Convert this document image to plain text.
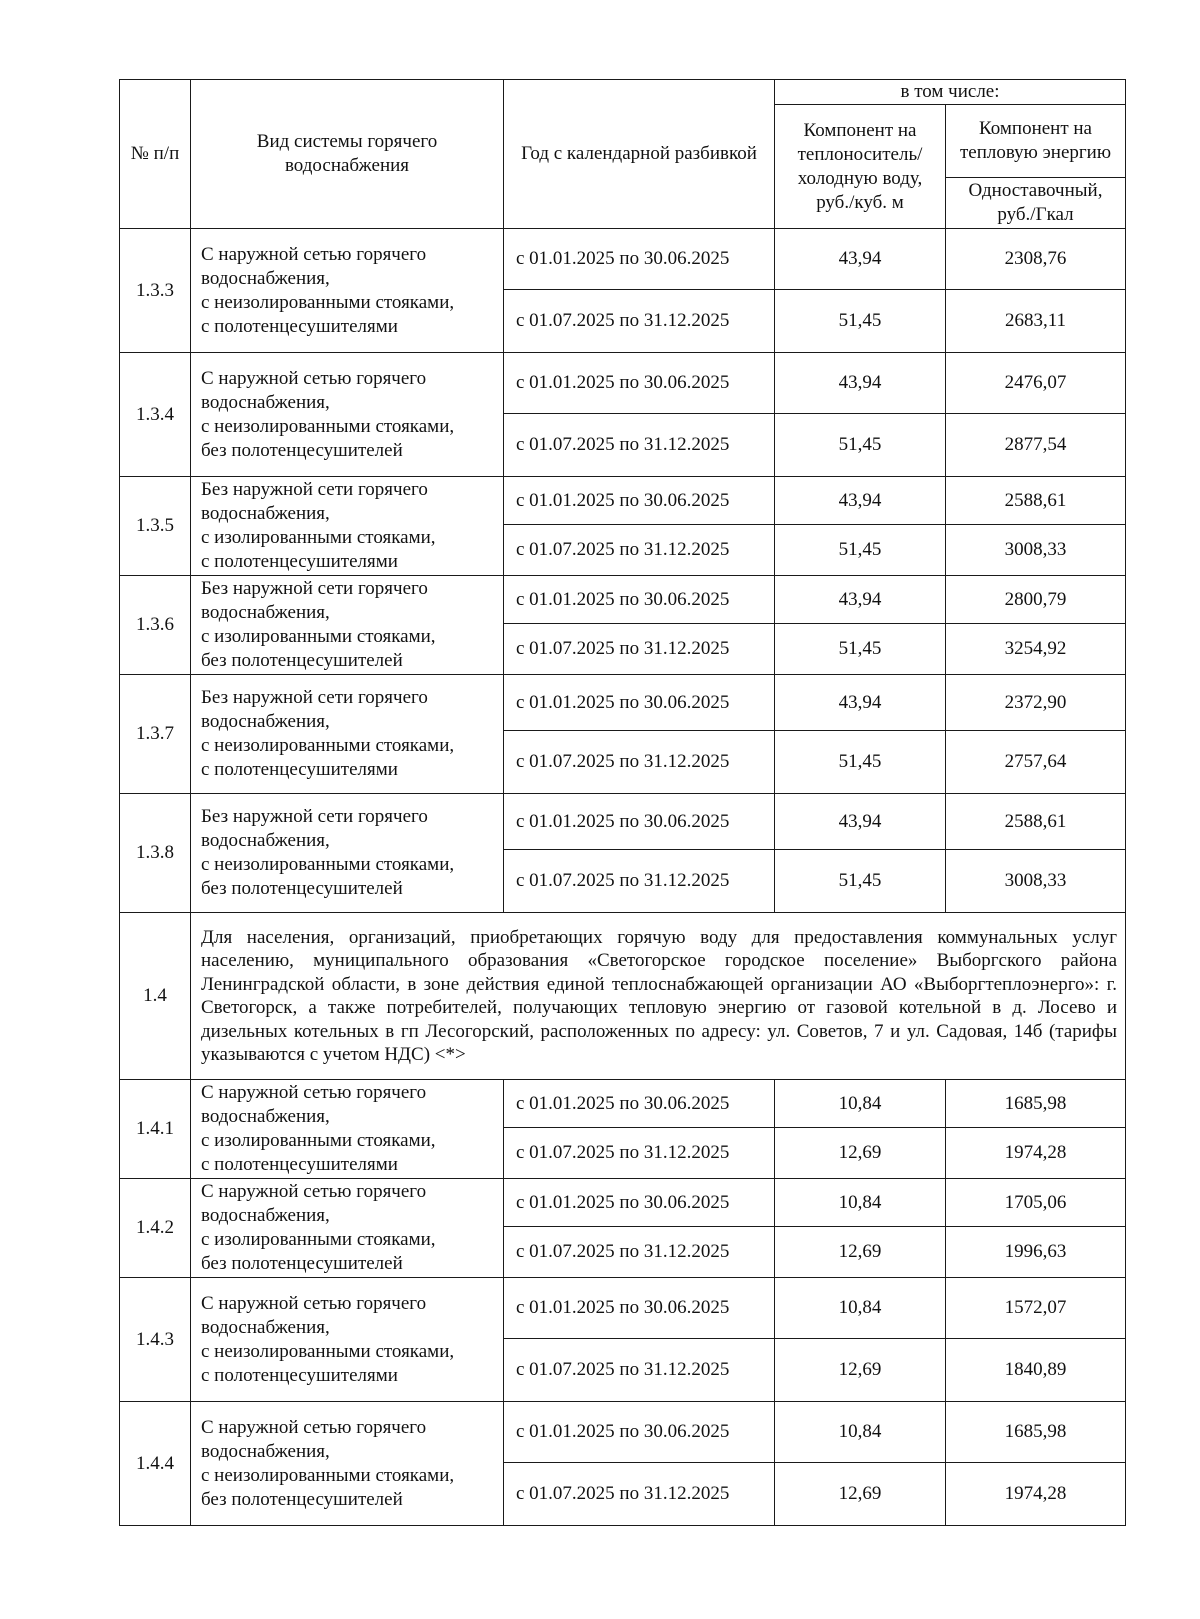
№ п/п	Вид системы горячего водоснабжения	Год с календарной разбивкой	в том числе:	
			Компонент на теплоноситель/ холодную воду, руб./куб. м	Компонент на тепловую энергию
				Одноставочный, руб./Гкал
1.3.3	С наружной сетью горячего водоснабжения,
с неизолированными стояками,
с полотенцесушителями	с 01.01.2025 по 30.06.2025	43,94	2308,76
		с 01.07.2025 по 31.12.2025	51,45	2683,11
1.3.4	С наружной сетью горячего водоснабжения,
с неизолированными стояками,
без полотенцесушителей	с 01.01.2025 по 30.06.2025	43,94	2476,07
		с 01.07.2025 по 31.12.2025	51,45	2877,54
1.3.5	Без наружной сети горячего водоснабжения,
с изолированными стояками,
с полотенцесушителями	с 01.01.2025 по 30.06.2025	43,94	2588,61
		с 01.07.2025 по 31.12.2025	51,45	3008,33
1.3.6	Без наружной сети горячего водоснабжения,
с изолированными стояками,
без полотенцесушителей	с 01.01.2025 по 30.06.2025	43,94	2800,79
		с 01.07.2025 по 31.12.2025	51,45	3254,92
1.3.7	Без наружной сети горячего водоснабжения,
с неизолированными стояками,
с полотенцесушителями	с 01.01.2025 по 30.06.2025	43,94	2372,90
		с 01.07.2025 по 31.12.2025	51,45	2757,64
1.3.8	Без наружной сети горячего водоснабжения,
с неизолированными стояками,
без полотенцесушителей	с 01.01.2025 по 30.06.2025	43,94	2588,61
		с 01.07.2025 по 31.12.2025	51,45	3008,33
1.4	Для населения, организаций, приобретающих горячую воду для предоставления коммунальных услуг населению, муниципального образования «Светогорское городское поселение» Выборгского района Ленинградской области, в зоне действия единой теплоснабжающей организации АО «Выборгтеплоэнерго»: г. Светогорск, а также потребителей, получающих тепловую энергию от газовой котельной в д. Лосево и дизельных котельных в гп Лесогорский, расположенных по адресу: ул. Советов, 7 и ул. Садовая, 14б (тарифы указываются с учетом НДС) <*>			
1.4.1	С наружной сетью горячего водоснабжения,
с изолированными стояками,
с полотенцесушителями	с 01.01.2025 по 30.06.2025	10,84	1685,98
		с 01.07.2025 по 31.12.2025	12,69	1974,28
1.4.2	С наружной сетью горячего водоснабжения,
с изолированными стояками,
без полотенцесушителей	с 01.01.2025 по 30.06.2025	10,84	1705,06
		с 01.07.2025 по 31.12.2025	12,69	1996,63
1.4.3	С наружной сетью горячего водоснабжения,
с неизолированными стояками,
с полотенцесушителями	с 01.01.2025 по 30.06.2025	10,84	1572,07
		с 01.07.2025 по 31.12.2025	12,69	1840,89
1.4.4	С наружной сетью горячего водоснабжения,
с неизолированными стояками,
без полотенцесушителей	с 01.01.2025 по 30.06.2025	10,84	1685,98
		с 01.07.2025 по 31.12.2025	12,69	1974,28
